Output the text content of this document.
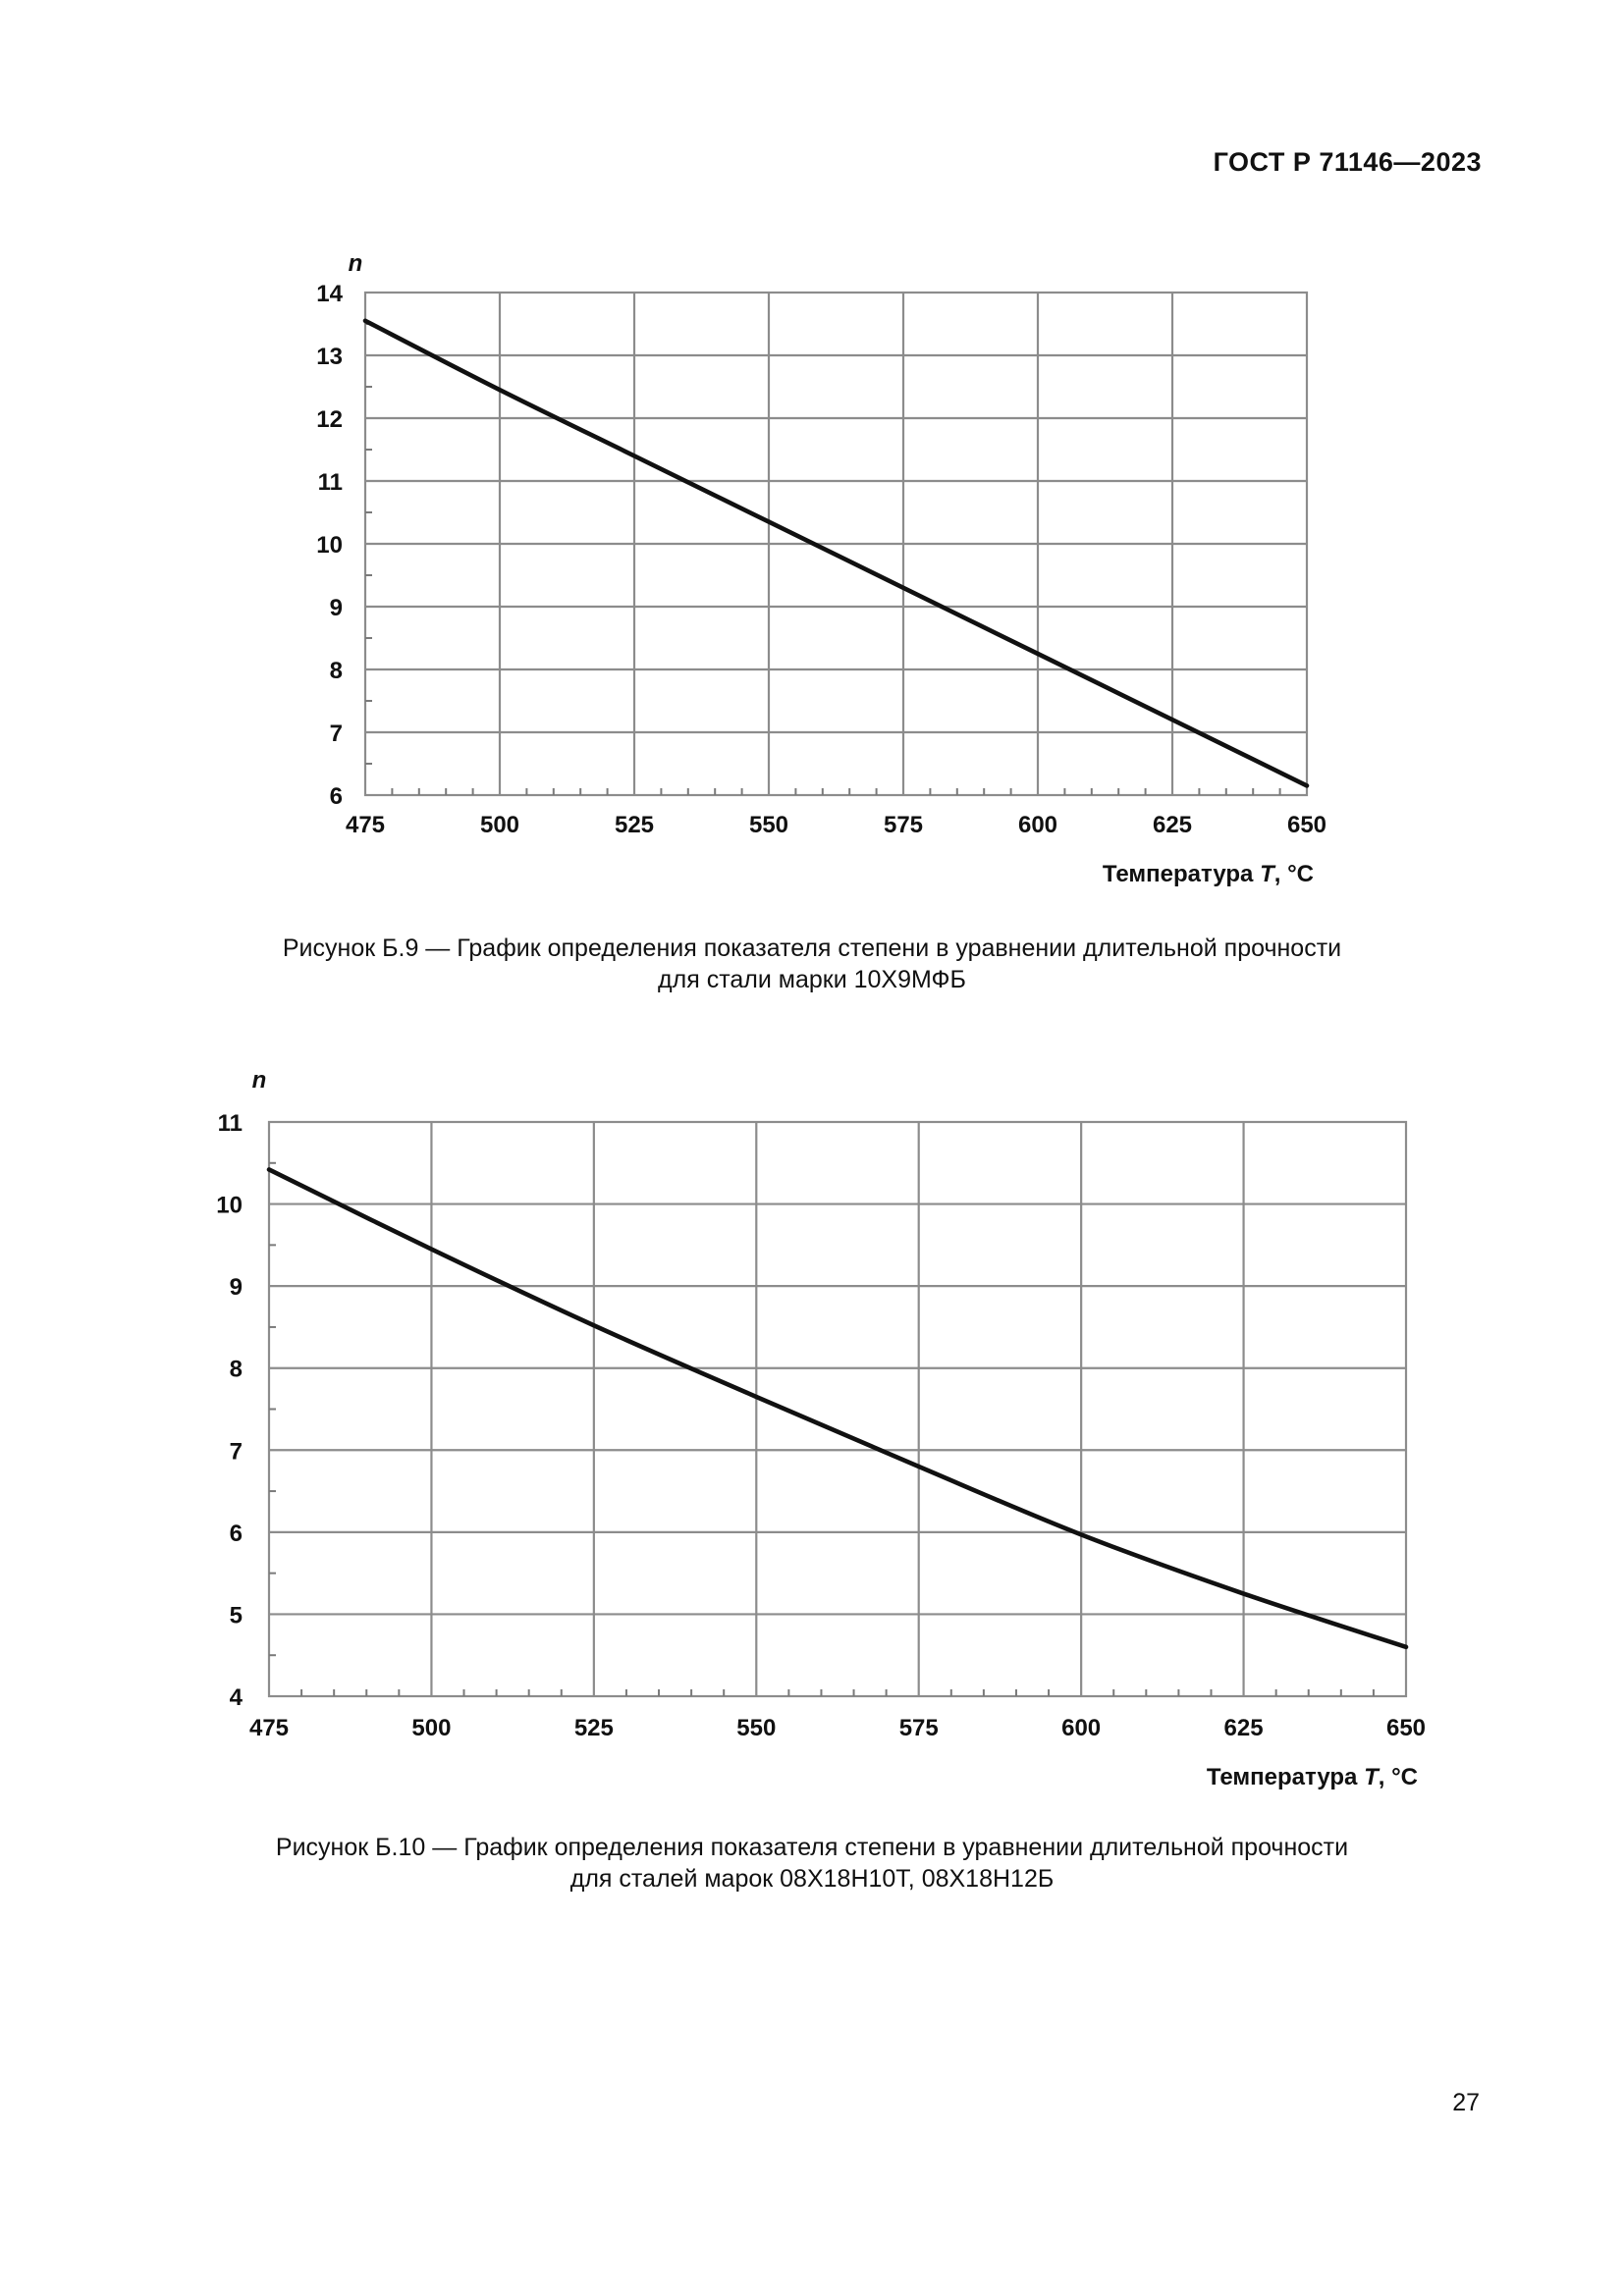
ГОСТ Р 71146—2023
475	500	525	550	575	600	625	650
6
7
8
9
10
11
12
13
14
n
Температура T, °C
Рисунок Б.9 — График определения показателя степени в уравнении длительной прочности
для стали марки 10Х9МФБ
475	500	525	550	575	600	625	650
4
5
6
7
8
9
10
11
n
Температура T, °C
Рисунок Б.10 — График определения показателя степени в уравнении длительной прочности
для сталей марок 08Х18Н10Т, 08Х18Н12Б
27
